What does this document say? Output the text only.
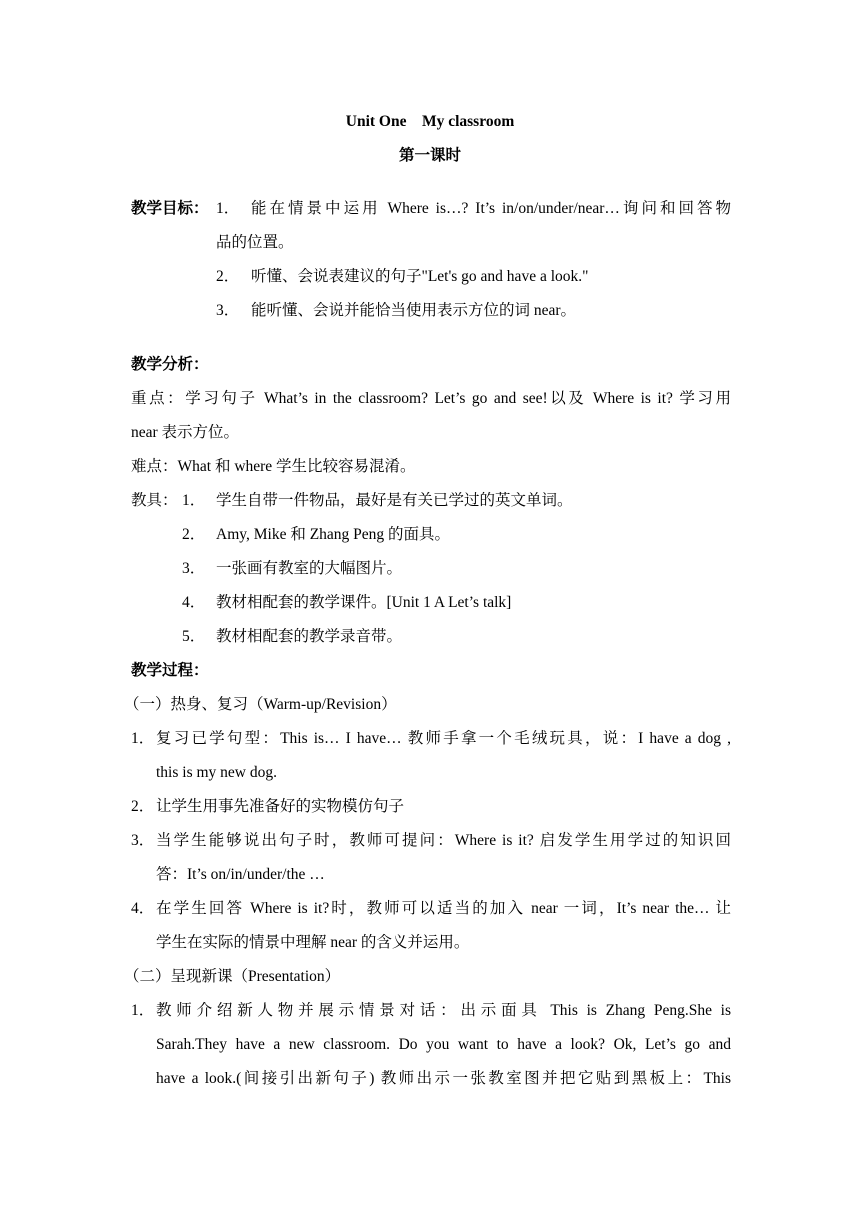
Unit One    My classroom
第一课时
教学目标： 1． 能在情景中运用 Where is…? It’s in/on/under/near…询问和回答物
品的位置。
2． 听懂、会说表建议的句子"Let's go and have a look."
3． 能听懂、会说并能恰当使用表示方位的词 near。
教学分析：
重点：学习句子 What’s in the classroom? Let’s go and see!以及 Where is it? 学习用
near 表示方位。
难点：What 和 where 学生比较容易混淆。
教具： 1． 学生自带一件物品，最好是有关已学过的英文单词。
2． Amy, Mike 和 Zhang Peng 的面具。
3． 一张画有教室的大幅图片。
4． 教材相配套的教学课件。[Unit 1 A Let’s talk]
5． 教材相配套的教学录音带。
教学过程：
（一）热身、复习（Warm-up/Revision）
1． 复习已学句型：This is… I have… 教师手拿一个毛绒玩具，说：I have a dog ,
this is my new dog.
2． 让学生用事先准备好的实物模仿句子
3． 当学生能够说出句子时，教师可提问：Where is it? 启发学生用学过的知识回
答：It’s on/in/under/the …
4． 在学生回答 Where is it?时，教师可以适当的加入 near 一词，It’s near the… 让
学生在实际的情景中理解 near 的含义并运用。
（二）呈现新课（Presentation）
1． 教师介绍新人物并展示情景对话：出示面具 This is Zhang Peng.She is
Sarah.They have a new classroom. Do you want to have a look? Ok, Let’s go and
have a look.(间接引出新句子) 教师出示一张教室图并把它贴到黑板上：This
